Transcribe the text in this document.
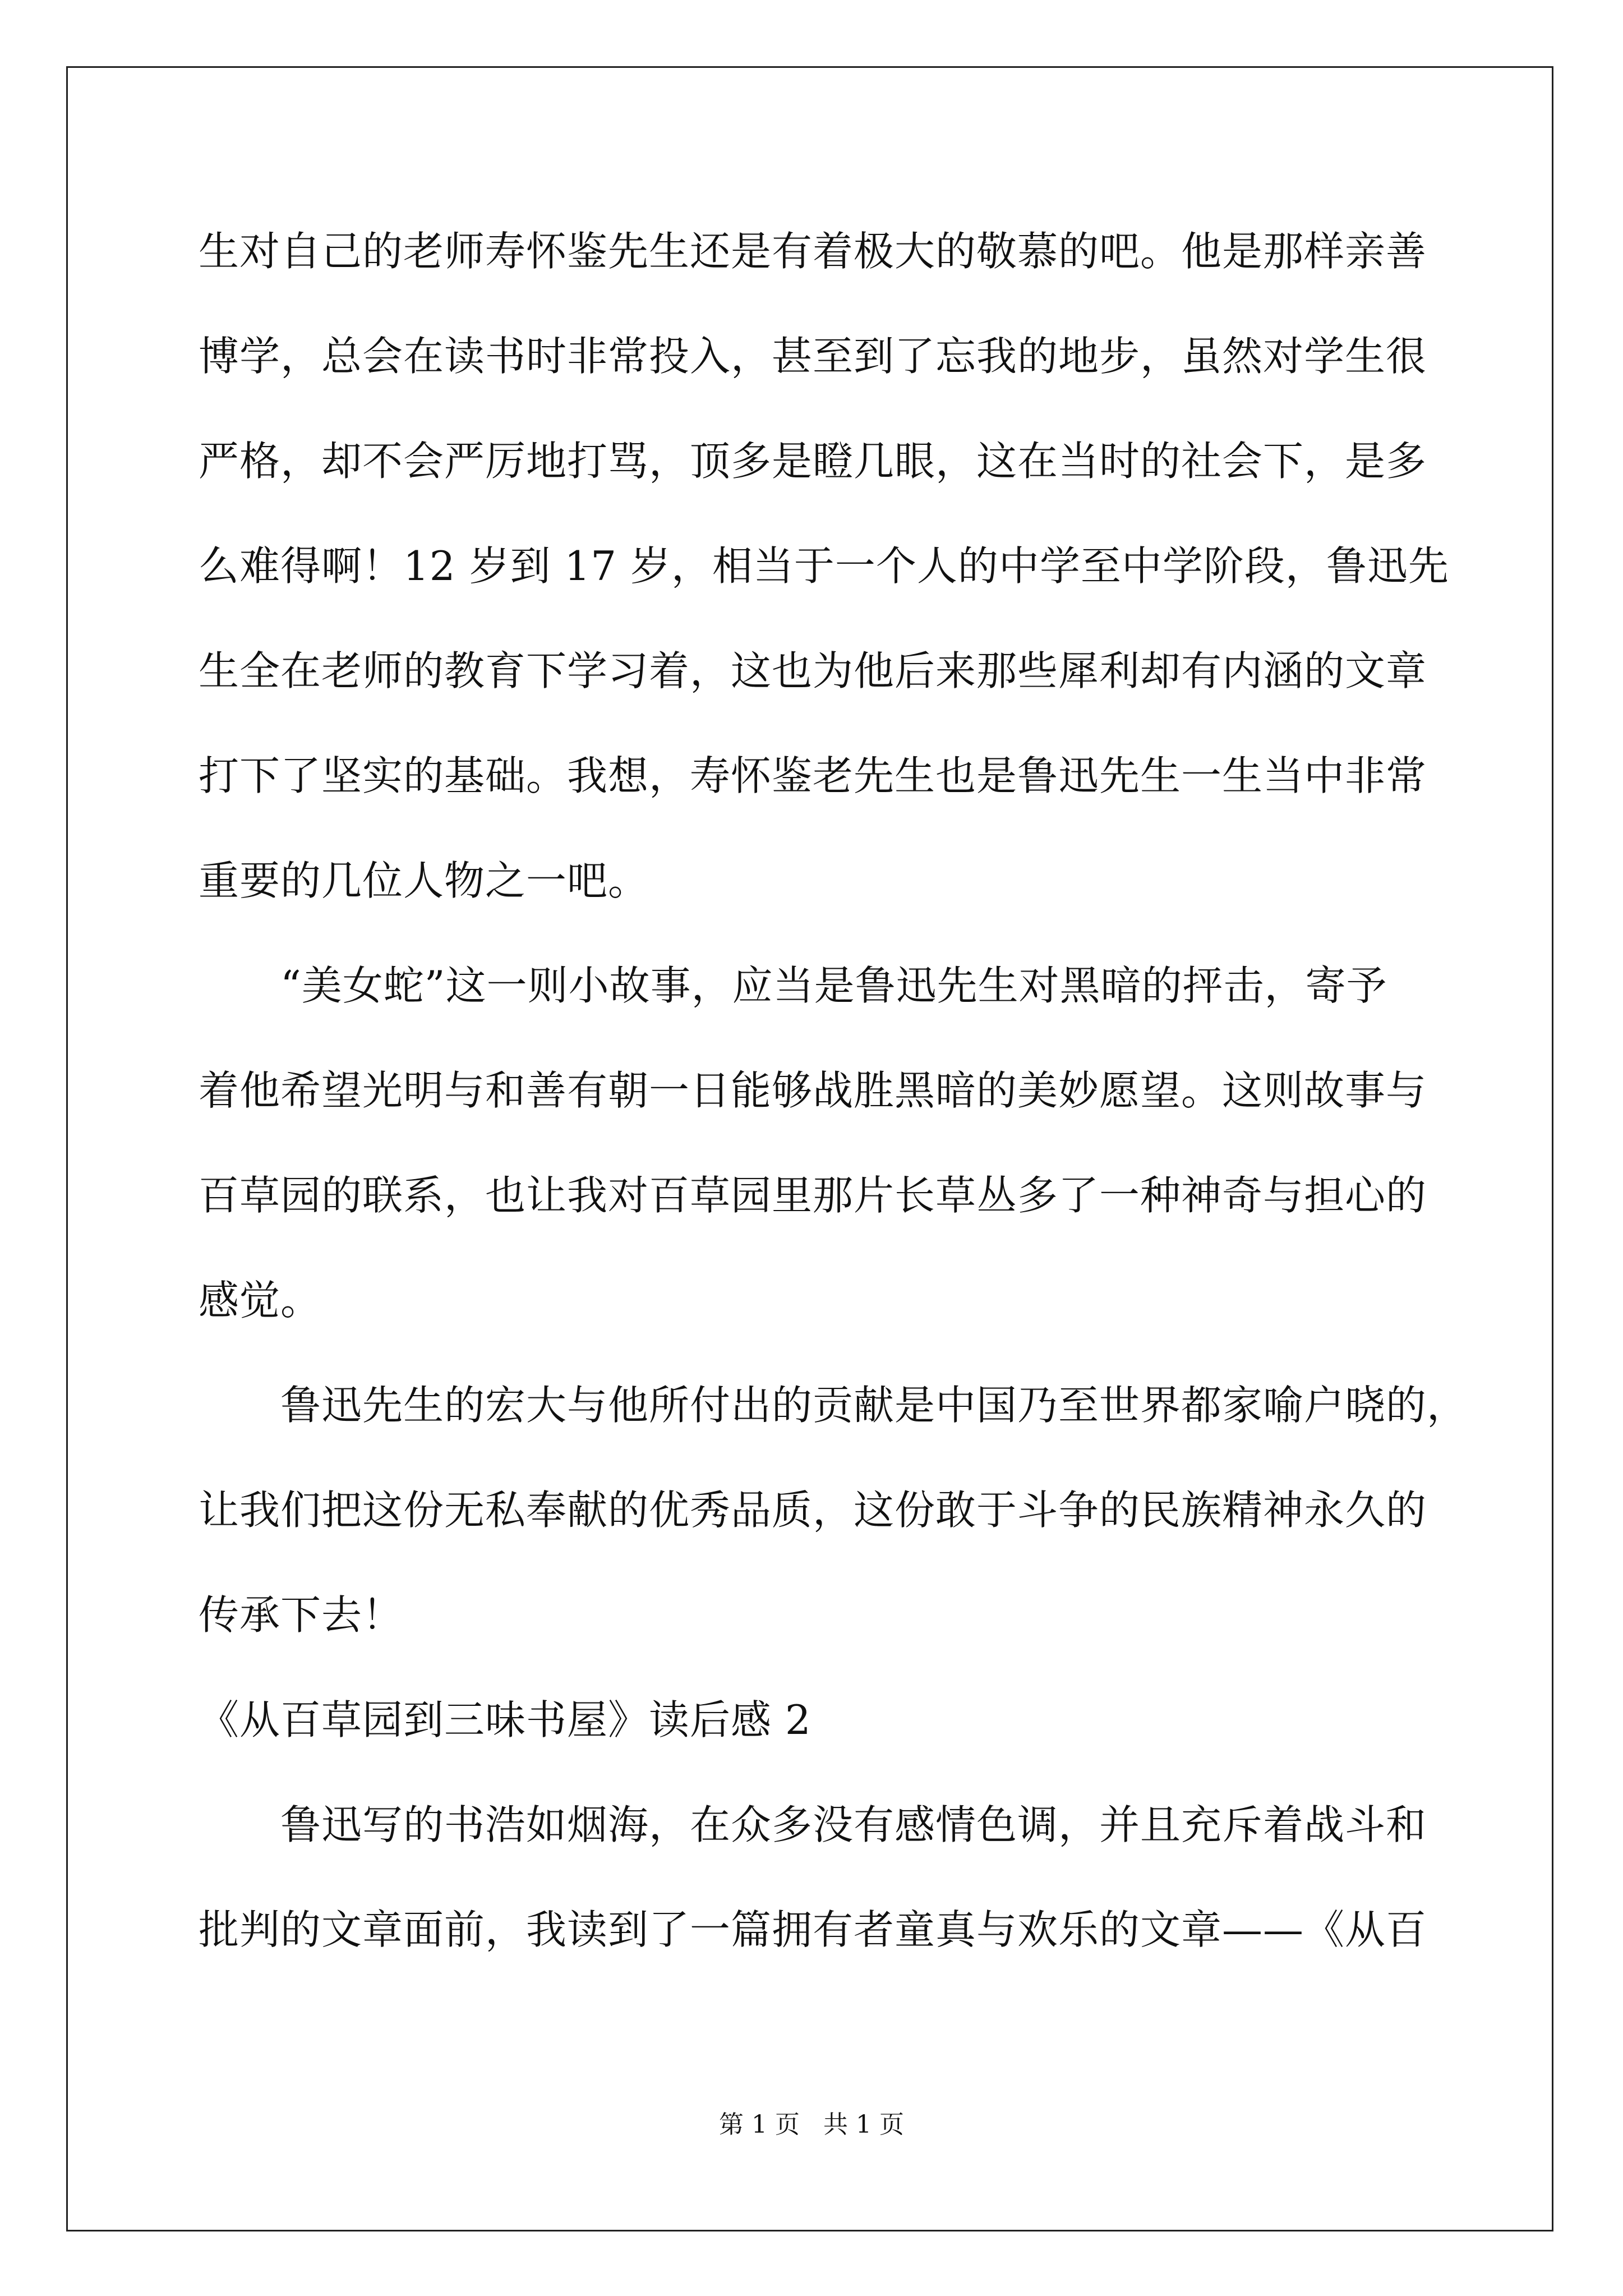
生对自己的老师寿怀鉴先生还是有着极大的敬慕的吧。他是那样亲善
博学，总会在读书时非常投入，甚至到了忘我的地步，虽然对学生很
严格，却不会严厉地打骂，顶多是瞪几眼，这在当时的社会下，是多
么难得啊！12 岁到 17 岁，相当于一个人的中学至中学阶段，鲁迅先
生全在老师的教育下学习着，这也为他后来那些犀利却有内涵的文章
打下了坚实的基础。我想，寿怀鉴老先生也是鲁迅先生一生当中非常
重要的几位人物之一吧。
　　“美女蛇”这一则小故事，应当是鲁迅先生对黑暗的抨击，寄予
着他希望光明与和善有朝一日能够战胜黑暗的美妙愿望。这则故事与
百草园的联系，也让我对百草园里那片长草丛多了一种神奇与担心的
感觉。
　　鲁迅先生的宏大与他所付出的贡献是中国乃至世界都家喻户晓的，
让我们把这份无私奉献的优秀品质，这份敢于斗争的民族精神永久的
传承下去！
《从百草园到三味书屋》读后感 2
　　鲁迅写的书浩如烟海，在众多没有感情色调，并且充斥着战斗和
批判的文章面前，我读到了一篇拥有者童真与欢乐的文章——《从百
第 1 页 共 1 页
